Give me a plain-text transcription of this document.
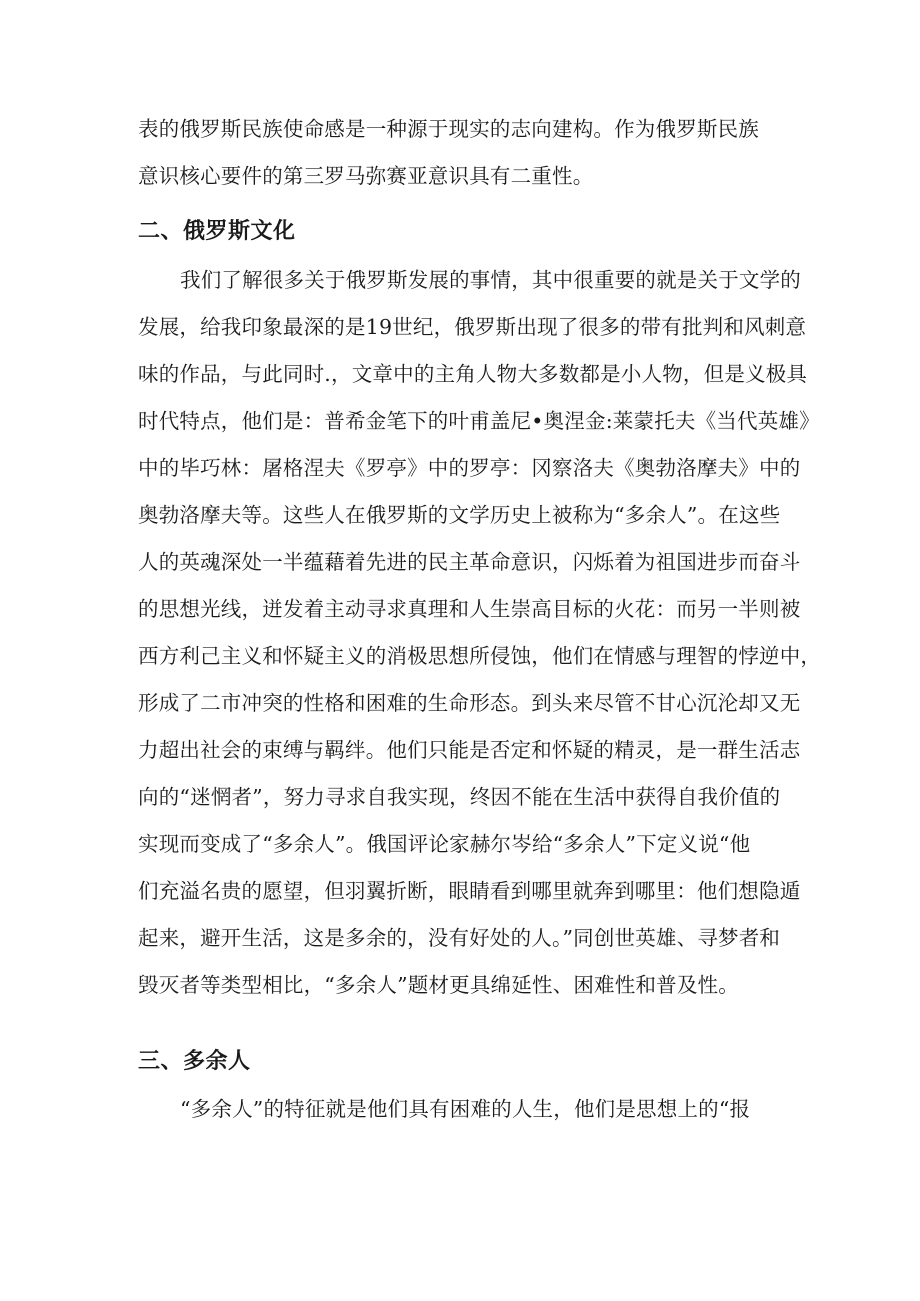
表的俄罗斯民族使命感是一种源于现实的志向建构。作为俄罗斯民族
意识核心要件的第三罗马弥赛亚意识具有二重性。
二、俄罗斯文化
我们了解很多关于俄罗斯发展的事情，其中很重要的就是关于文学的
发展，给我印象最深的是19世纪，俄罗斯出现了很多的带有批判和风刺意
味的作品，与此同时.，文章中的主角人物大多数都是小人物，但是义极具
时代特点，他们是：普希金笔下的叶甫盖尼•奥涅金:莱蒙托夫《当代英雄》
中的毕巧林：屠格涅夫《罗亭》中的罗亭：冈察洛夫《奥勃洛摩夫》中的
奥勃洛摩夫等。这些人在俄罗斯的文学历史上被称为“多余人”。在这些
人的英魂深处一半蕴藉着先进的民主革命意识，闪烁着为祖国进步而奋斗
的思想光线，迸发着主动寻求真理和人生崇高目标的火花：而另一半则被
西方利己主义和怀疑主义的消极思想所侵蚀，他们在情感与理智的悖逆中，
形成了二市冲突的性格和困难的生命形态。到头来尽管不甘心沉沦却又无
力超出社会的束缚与羁绊。他们只能是否定和怀疑的精灵，是一群生活志
向的“迷惘者”，努力寻求自我实现，终因不能在生活中获得自我价值的
实现而变成了“多余人”。俄国评论家赫尔岑给“多余人”下定义说“他
们充溢名贵的愿望，但羽翼折断，眼睛看到哪里就奔到哪里：他们想隐遁
起来，避开生活，这是多余的，没有好处的人。”同创世英雄、寻梦者和
毁灭者等类型相比，“多余人”题材更具绵延性、困难性和普及性。
三、多余人
“多余人”的特征就是他们具有困难的人生，他们是思想上的“报
